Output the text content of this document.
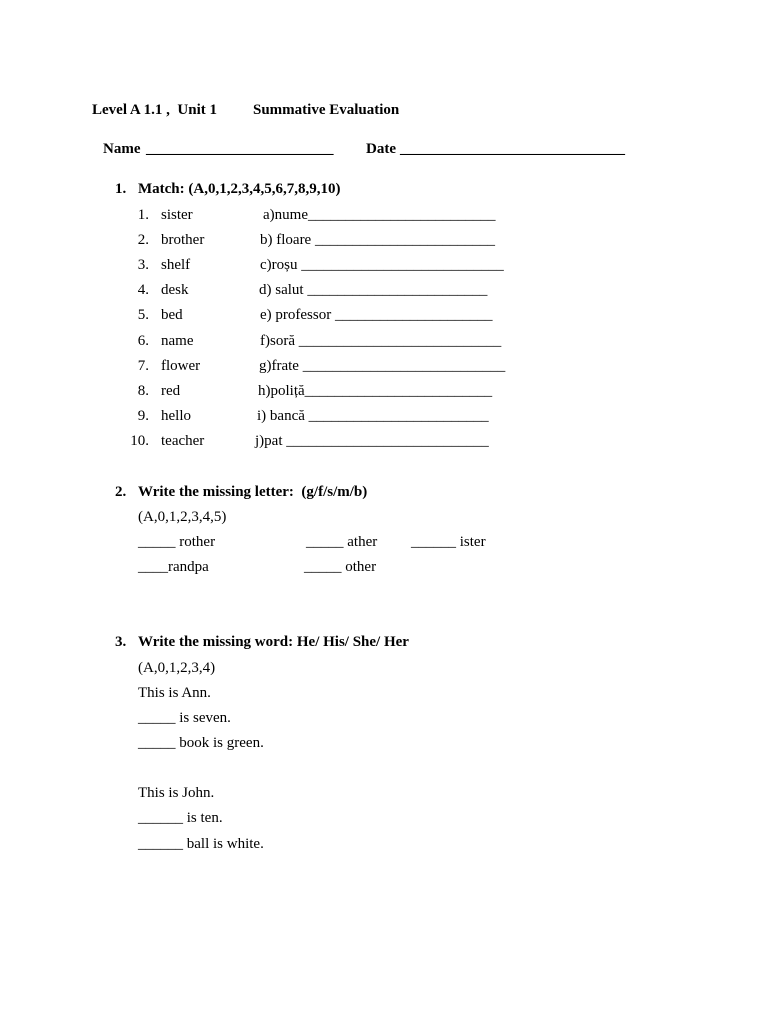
Level A 1.1 ,  Unit 1 Summative Evaluation
Name _________________________ Date ______________________________
1. Match: (A,0,1,2,3,4,5,6,7,8,9,10)
1. sister	a)nume_________________________
2. brother	b) floare ________________________
3. shelf	c)roșu ___________________________
4. desk	d) salut ________________________
5. bed	e) professor _____________________
6. name	f)soră ___________________________
7. flower	g)frate ___________________________
8. red	h)poliță_________________________
9. hello	i) bancă ________________________
10. teacher	j)pat ___________________________
2. Write the missing letter:  (g/f/s/m/b)
(A,0,1,2,3,4,5)
_____ rother	_____ ather ______ ister
____randpa	_____ other
3. Write the missing word: He/ His/ She/ Her
(A,0,1,2,3,4)
This is Ann.
_____ is seven.
_____ book is green.
This is John.
______ is ten.
______ ball is white.
